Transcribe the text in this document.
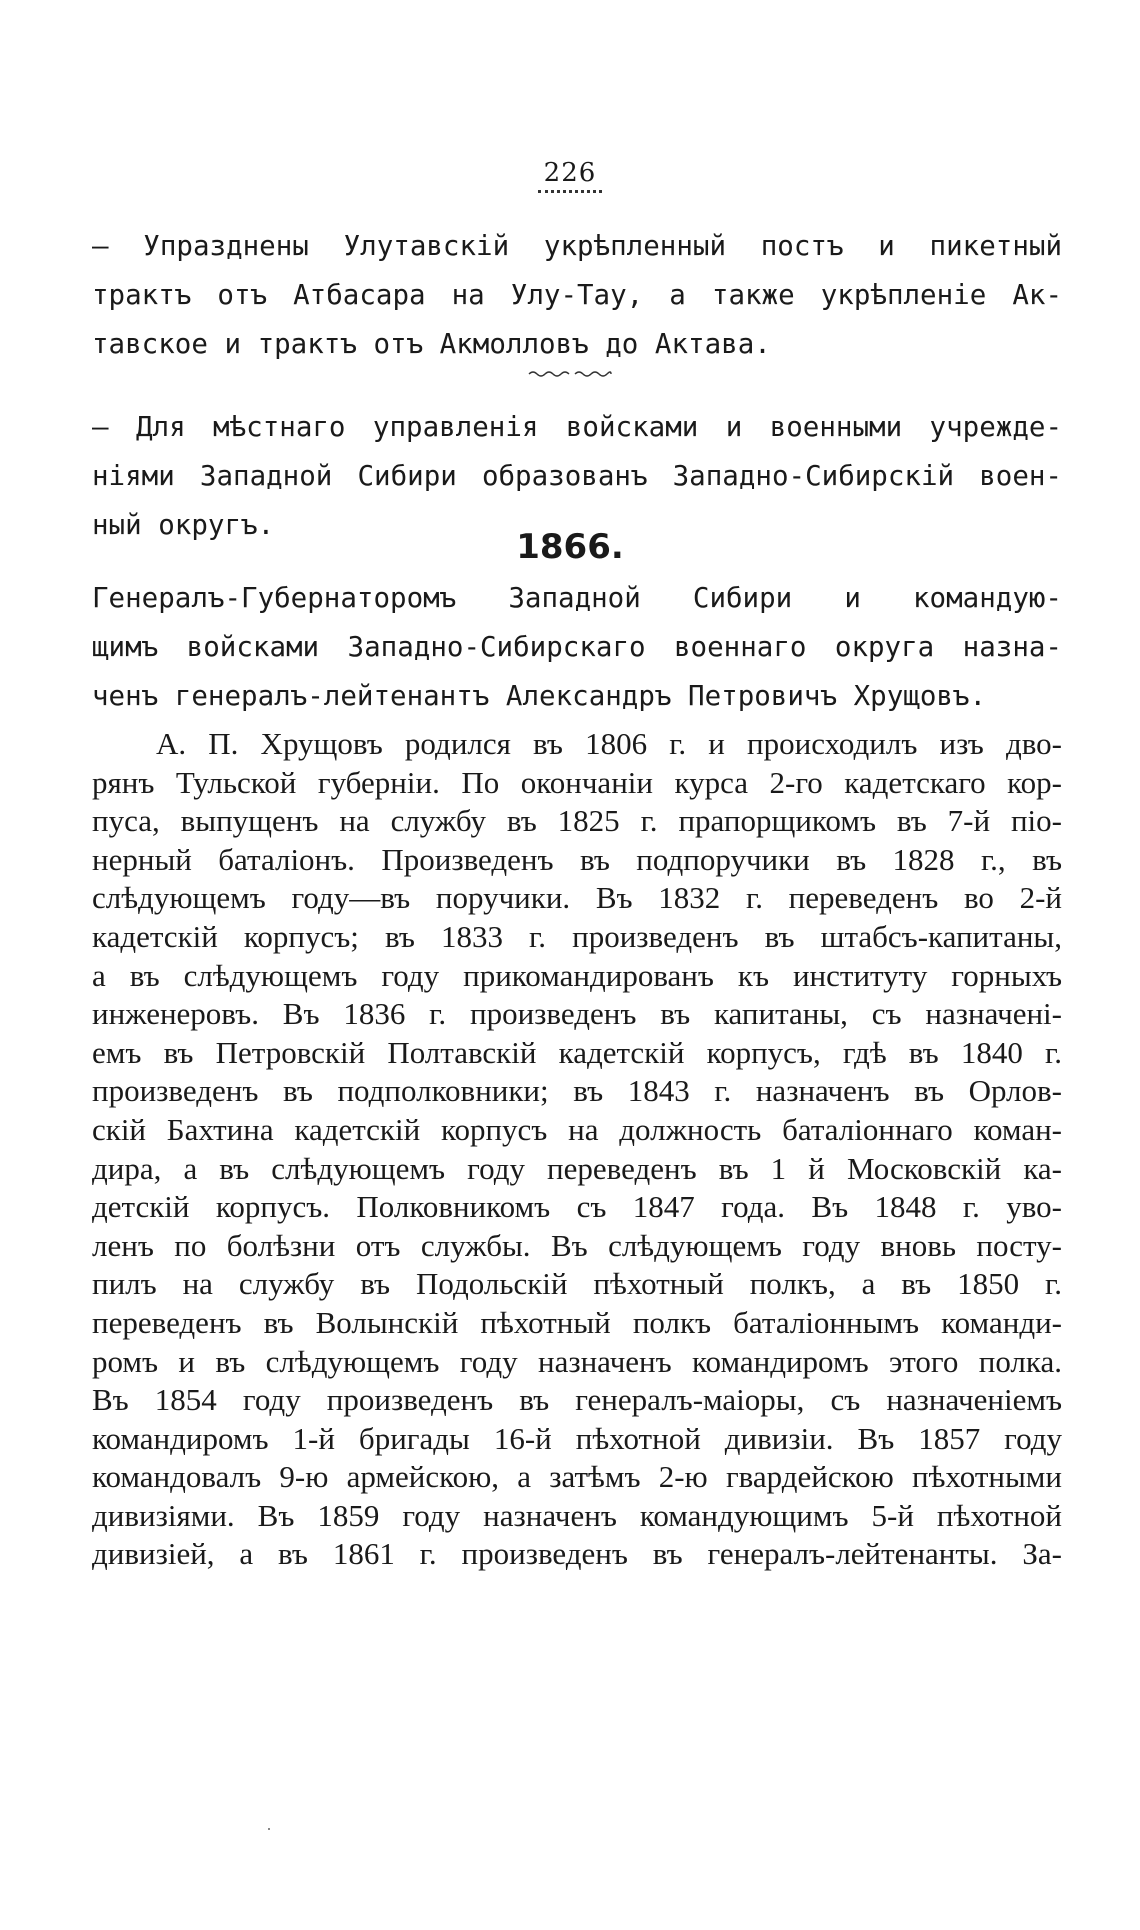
226

— Упразднены Улутавскій укрѣпленный постъ и пикетный
трактъ отъ Атбасара на Улу-Тау, а также укрѣпленіе Ак-
тавское и трактъ отъ Акмолловъ до Актава.

— Для мѣстнаго управленія войсками и военными учрежде-
ніями Западной Сибири образованъ Западно-Сибирскій воен-
ный округъ.

1866.

Генералъ-Губернаторомъ Западной Сибири и командую-
щимъ войсками Западно-Сибирскаго военнаго округа назна-
ченъ генералъ-лейтенантъ Александръ Петровичъ Хрущовъ.

А. П. Хрущовъ родился въ 1806 г. и происходилъ изъ дво-
рянъ Тульской губерніи. По окончаніи курса 2-го кадетскаго кор-
пуса, выпущенъ на службу въ 1825 г. прапорщикомъ въ 7-й піо-
нерный баталіонъ. Произведенъ въ подпоручики въ 1828 г., въ
слѣдующемъ году—въ поручики. Въ 1832 г. переведенъ во 2-й
кадетскій корпусъ; въ 1833 г. произведенъ въ штабсъ-капитаны,
а въ слѣдующемъ году прикомандированъ къ институту горныхъ
инженеровъ. Въ 1836 г. произведенъ въ капитаны, съ назначені-
емъ въ Петровскій Полтавскій кадетскій корпусъ, гдѣ въ 1840 г.
произведенъ въ подполковники; въ 1843 г. назначенъ въ Орлов-
скій Бахтина кадетскій корпусъ на должность баталіоннаго коман-
дира, а въ слѣдующемъ году переведенъ въ 1 й Московскій ка-
детскій корпусъ. Полковникомъ съ 1847 года. Въ 1848 г. уво-
ленъ по болѣзни отъ службы. Въ слѣдующемъ году вновь посту-
пилъ на службу въ Подольскій пѣхотный полкъ, а въ 1850 г.
переведенъ въ Волынскій пѣхотный полкъ баталіоннымъ команди-
ромъ и въ слѣдующемъ году назначенъ командиромъ этого полка.
Въ 1854 году произведенъ въ генералъ-маіоры, съ назначеніемъ
командиромъ 1-й бригады 16-й пѣхотной дивизіи. Въ 1857 году
командовалъ 9-ю армейскою, а затѣмъ 2-ю гвардейскою пѣхотными
дивизіями. Въ 1859 году назначенъ командующимъ 5-й пѣхотной
дивизіей, а въ 1861 г. произведенъ въ генералъ-лейтенанты. За-
